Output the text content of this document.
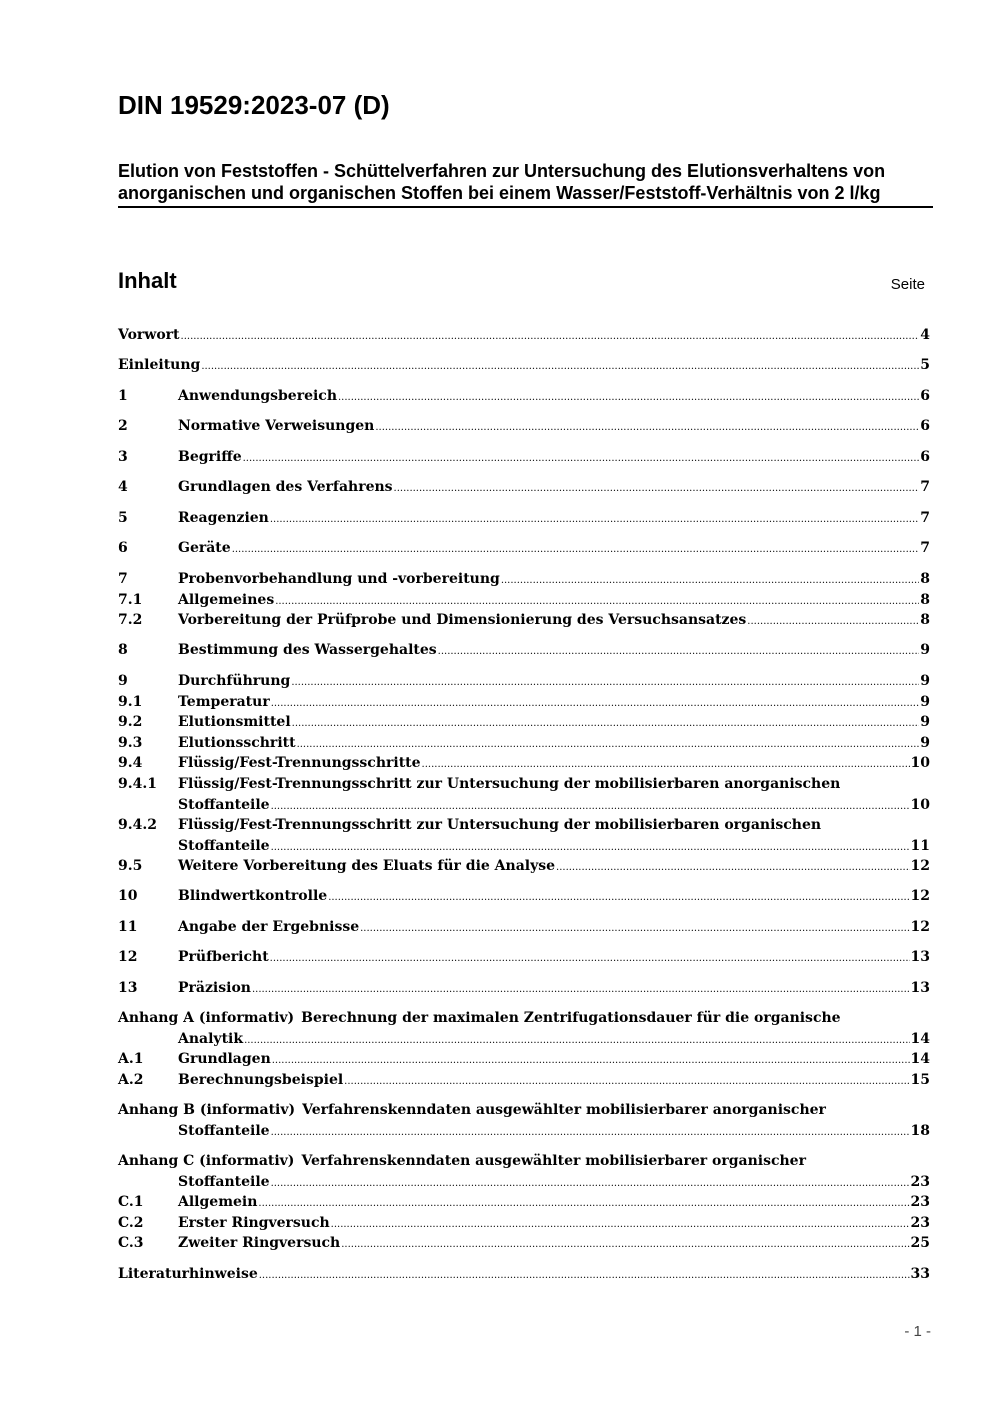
DIN 19529:2023-07 (D)
Elution von Feststoffen - Schüttelverfahren zur Untersuchung des Elutionsverhaltens von anorganischen und organischen Stoffen bei einem Wasser/Feststoff-Verhältnis von 2 l/kg
Inhalt	Seite
Vorwort .....	4
Einleitung .....	5
1	Anwendungsbereich .....	6
2	Normative Verweisungen .....	6
3	Begriffe .....	6
4	Grundlagen des Verfahrens .....	7
5	Reagenzien .....	7
6	Geräte .....	7
7	Probenvorbehandlung und -vorbereitung .....	8
7.1	Allgemeines .....	8
7.2	Vorbereitung der Prüfprobe und Dimensionierung des Versuchsansatzes .....	8
8	Bestimmung des Wassergehaltes .....	9
9	Durchführung .....	9
9.1	Temperatur .....	9
9.2	Elutionsmittel .....	9
9.3	Elutionsschritt .....	9
9.4	Flüssig/Fest-Trennungsschritte .....	10
9.4.1	Flüssig/Fest-Trennungsschritt zur Untersuchung der mobilisierbaren anorganischen
Stoffanteile .....	10
9.4.2	Flüssig/Fest-Trennungsschritt zur Untersuchung der mobilisierbaren organischen
Stoffanteile .....	11
9.5	Weitere Vorbereitung des Eluats für die Analyse .....	12
10	Blindwertkontrolle .....	12
11	Angabe der Ergebnisse .....	12
12	Prüfbericht .....	13
13	Präzision .....	13
Anhang A (informativ) Berechnung der maximalen Zentrifugationsdauer für die organische
Analytik .....	14
A.1	Grundlagen .....	14
A.2	Berechnungsbeispiel .....	15
Anhang B (informativ) Verfahrenskenndaten ausgewählter mobilisierbarer anorganischer
Stoffanteile .....	18
Anhang C (informativ) Verfahrenskenndaten ausgewählter mobilisierbarer organischer
Stoffanteile .....	23
C.1	Allgemein .....	23
C.2	Erster Ringversuch .....	23
C.3	Zweiter Ringversuch .....	25
Literaturhinweise .....	33
- 1 -
